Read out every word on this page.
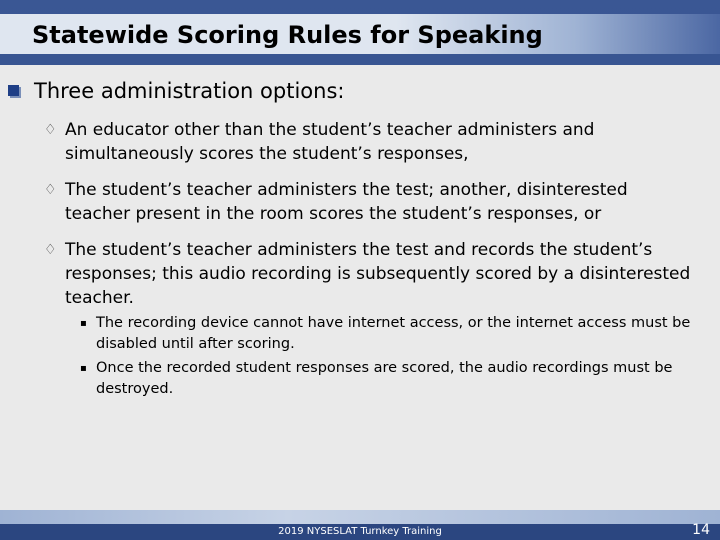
Statewide Scoring Rules for Speaking
Three administration options:
♢ An educator other than the student’s teacher administers and simultaneously scores the student’s responses,
♢ The student’s teacher administers the test; another, disinterested teacher present in the room scores the student’s responses, or
♢ The student’s teacher administers the test and records the student’s responses; this audio recording is subsequently scored by a disinterested teacher.
▪ The recording device cannot have internet access, or the internet access must be disabled until after scoring.
▪ Once the recorded student responses are scored, the audio recordings must be destroyed.
2019 NYSESLAT Turnkey Training	14
